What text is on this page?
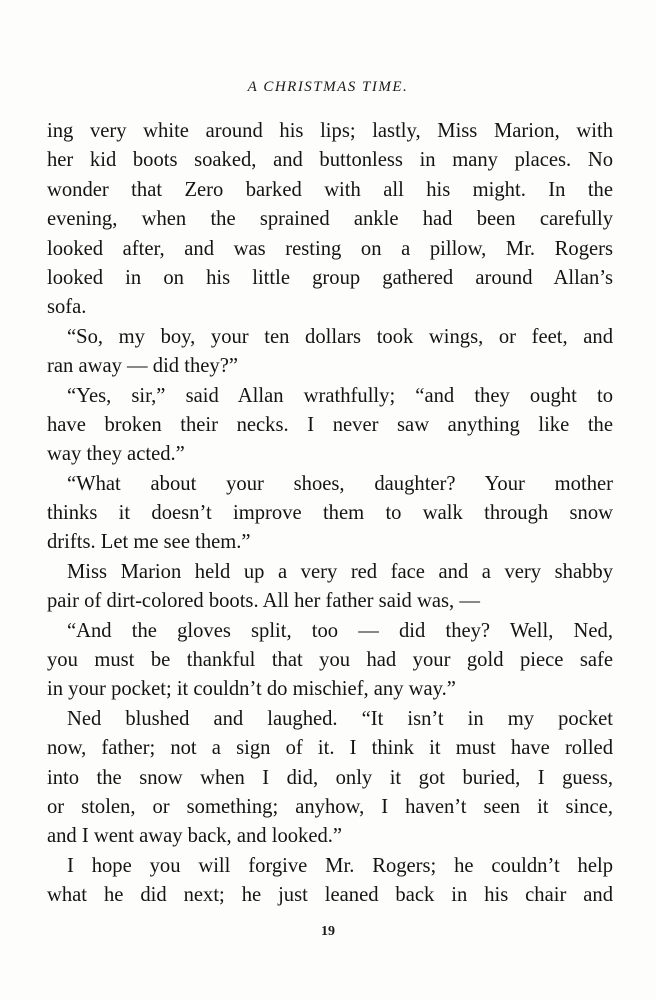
A CHRISTMAS TIME.
ing very white around his lips; lastly, Miss Marion, with
her kid boots soaked, and buttonless in many places. No
wonder that Zero barked with all his might. In the
evening, when the sprained ankle had been carefully
looked after, and was resting on a pillow, Mr. Rogers
looked in on his little group gathered around Allan’s
sofa.
“So, my boy, your ten dollars took wings, or feet, and
ran away — did they?”
“Yes, sir,” said Allan wrathfully; “and they ought to
have broken their necks. I never saw anything like the
way they acted.”
“What about your shoes, daughter? Your mother
thinks it doesn’t improve them to walk through snow
drifts. Let me see them.”
Miss Marion held up a very red face and a very shabby
pair of dirt-colored boots. All her father said was, —
“And the gloves split, too — did they? Well, Ned,
you must be thankful that you had your gold piece safe
in your pocket; it couldn’t do mischief, any way.”
Ned blushed and laughed. “It isn’t in my pocket
now, father; not a sign of it. I think it must have rolled
into the snow when I did, only it got buried, I guess,
or stolen, or something; anyhow, I haven’t seen it since,
and I went away back, and looked.”
I hope you will forgive Mr. Rogers; he couldn’t help
what he did next; he just leaned back in his chair and
19
